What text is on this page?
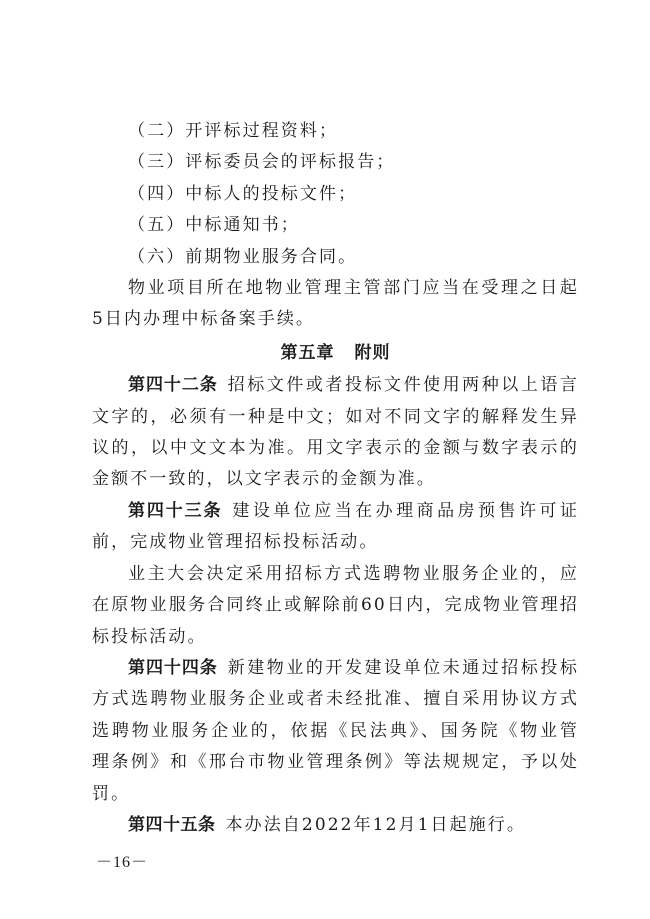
（二）开评标过程资料；

（三）评标委员会的评标报告；

（四）中标人的投标文件；

（五）中标通知书；

（六）前期物业服务合同。

物业项目所在地物业管理主管部门应当在受理之日起5日内办理中标备案手续。

第五章 附则

第四十二条 招标文件或者投标文件使用两种以上语言文字的，必须有一种是中文；如对不同文字的解释发生异议的，以中文文本为准。用文字表示的金额与数字表示的金额不一致的，以文字表示的金额为准。

第四十三条 建设单位应当在办理商品房预售许可证前，完成物业管理招标投标活动。

业主大会决定采用招标方式选聘物业服务企业的，应在原物业服务合同终止或解除前60日内，完成物业管理招标投标活动。

第四十四条 新建物业的开发建设单位未通过招标投标方式选聘物业服务企业或者未经批准、擅自采用协议方式选聘物业服务企业的，依据《民法典》、国务院《物业管理条例》和《邢台市物业管理条例》等法规规定，予以处罚。

第四十五条 本办法自2022年12月1日起施行。

－16－
